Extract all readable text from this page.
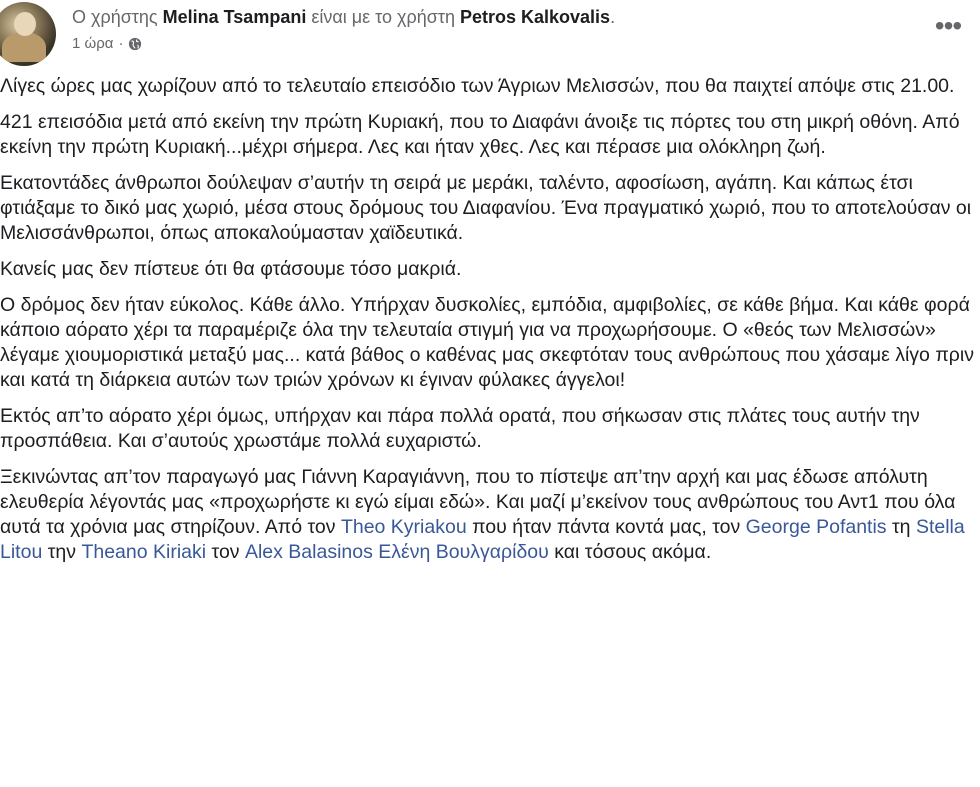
Ο χρήστης Melina Tsampani είναι με το χρήστη Petros Kalkovalis.
1 ώρα ·
•••

Λίγες ώρες μας χωρίζουν από το τελευταίο επεισόδιο των Άγριων Μελισσών, που θα παιχτεί απόψε στις 21.00.

421 επεισόδια μετά από εκείνη την πρώτη Κυριακή, που το Διαφάνι άνοιξε τις πόρτες του στη μικρή οθόνη. Από εκείνη την πρώτη Κυριακή...μέχρι σήμερα. Λες και ήταν χθες. Λες και πέρασε μια ολόκληρη ζωή.

Εκατοντάδες άνθρωποι δούλεψαν σ’αυτήν τη σειρά με μεράκι, ταλέντο, αφοσίωση, αγάπη. Και κάπως έτσι φτιάξαμε το δικό μας χωριό, μέσα στους δρόμους του Διαφανίου. Ένα πραγματικό χωριό, που το αποτελούσαν οι Μελισσάνθρωποι, όπως αποκαλούμασταν χαϊδευτικά.

Κανείς μας δεν πίστευε ότι θα φτάσουμε τόσο μακριά.

Ο δρόμος δεν ήταν εύκολος. Κάθε άλλο. Υπήρχαν δυσκολίες, εμπόδια, αμφιβολίες, σε κάθε βήμα. Και κάθε φορά κάποιο αόρατο χέρι τα παραμέριζε όλα την τελευταία στιγμή για να προχωρήσουμε. Ο «θεός των Μελισσών» λέγαμε χιουμοριστικά μεταξύ μας... κατά βάθος ο καθένας μας σκεφτόταν τους ανθρώπους που χάσαμε λίγο πριν και κατά τη διάρκεια αυτών των τριών χρόνων κι έγιναν φύλακες άγγελοι!

Εκτός απ’το αόρατο χέρι όμως, υπήρχαν και πάρα πολλά ορατά, που σήκωσαν στις πλάτες τους αυτήν την προσπάθεια. Και σ’αυτούς χρωστάμε πολλά ευχαριστώ.

Ξεκινώντας απ’τον παραγωγό μας Γιάννη Καραγιάννη, που το πίστεψε απ’την αρχή και μας έδωσε απόλυτη ελευθερία λέγοντάς μας «προχωρήστε κι εγώ είμαι εδώ». Και μαζί μ’εκείνον τους ανθρώπους του Αντ1 που όλα αυτά τα χρόνια μας στηρίζουν. Από τον Theo Kyriakou που ήταν πάντα κοντά μας, τον George Pofantis τη Stella Litou την Theano Kiriaki τον Alex Balasinos Ελένη Βουλγαρίδου και τόσους ακόμα.
